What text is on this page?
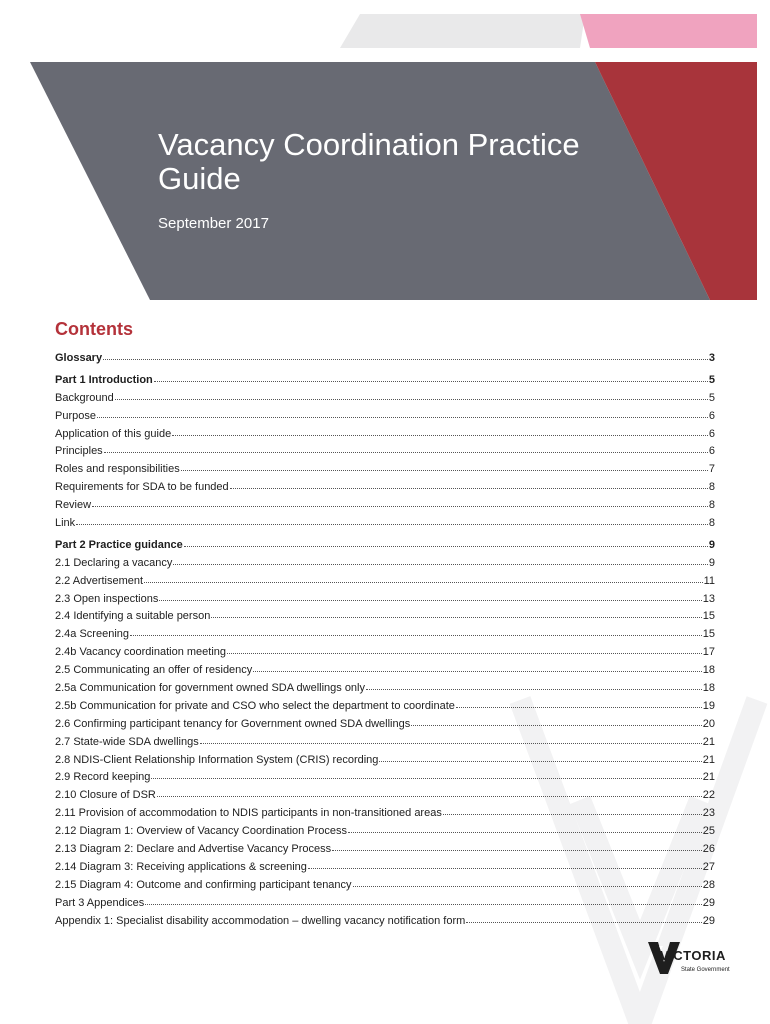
Vacancy Coordination Practice Guide
September 2017
Contents
Glossary	3
Part 1 Introduction	5
Background	5
Purpose	6
Application of this guide	6
Principles	6
Roles and responsibilities	7
Requirements for SDA to be funded	8
Review	8
Link	8
Part 2 Practice guidance	9
2.1 Declaring a vacancy	9
2.2 Advertisement	11
2.3 Open inspections	13
2.4 Identifying a suitable person	15
2.4a Screening	15
2.4b Vacancy coordination meeting	17
2.5 Communicating an offer of residency	18
2.5a Communication for government owned SDA dwellings only	18
2.5b Communication for private and CSO who select the department to coordinate	19
2.6 Confirming participant tenancy for Government owned SDA dwellings	20
2.7 State-wide SDA dwellings	21
2.8 NDIS-Client Relationship Information System (CRIS) recording	21
2.9 Record keeping	21
2.10 Closure of DSR	22
2.11 Provision of accommodation to NDIS participants in non-transitioned areas	23
2.12 Diagram 1: Overview of Vacancy Coordination Process	25
2.13 Diagram 2: Declare and Advertise Vacancy Process	26
2.14 Diagram 3: Receiving applications & screening	27
2.15 Diagram 4: Outcome and confirming participant tenancy	28
Part 3 Appendices	29
Appendix 1: Specialist disability accommodation – dwelling vacancy notification form	29
VICTORIA
State Government
